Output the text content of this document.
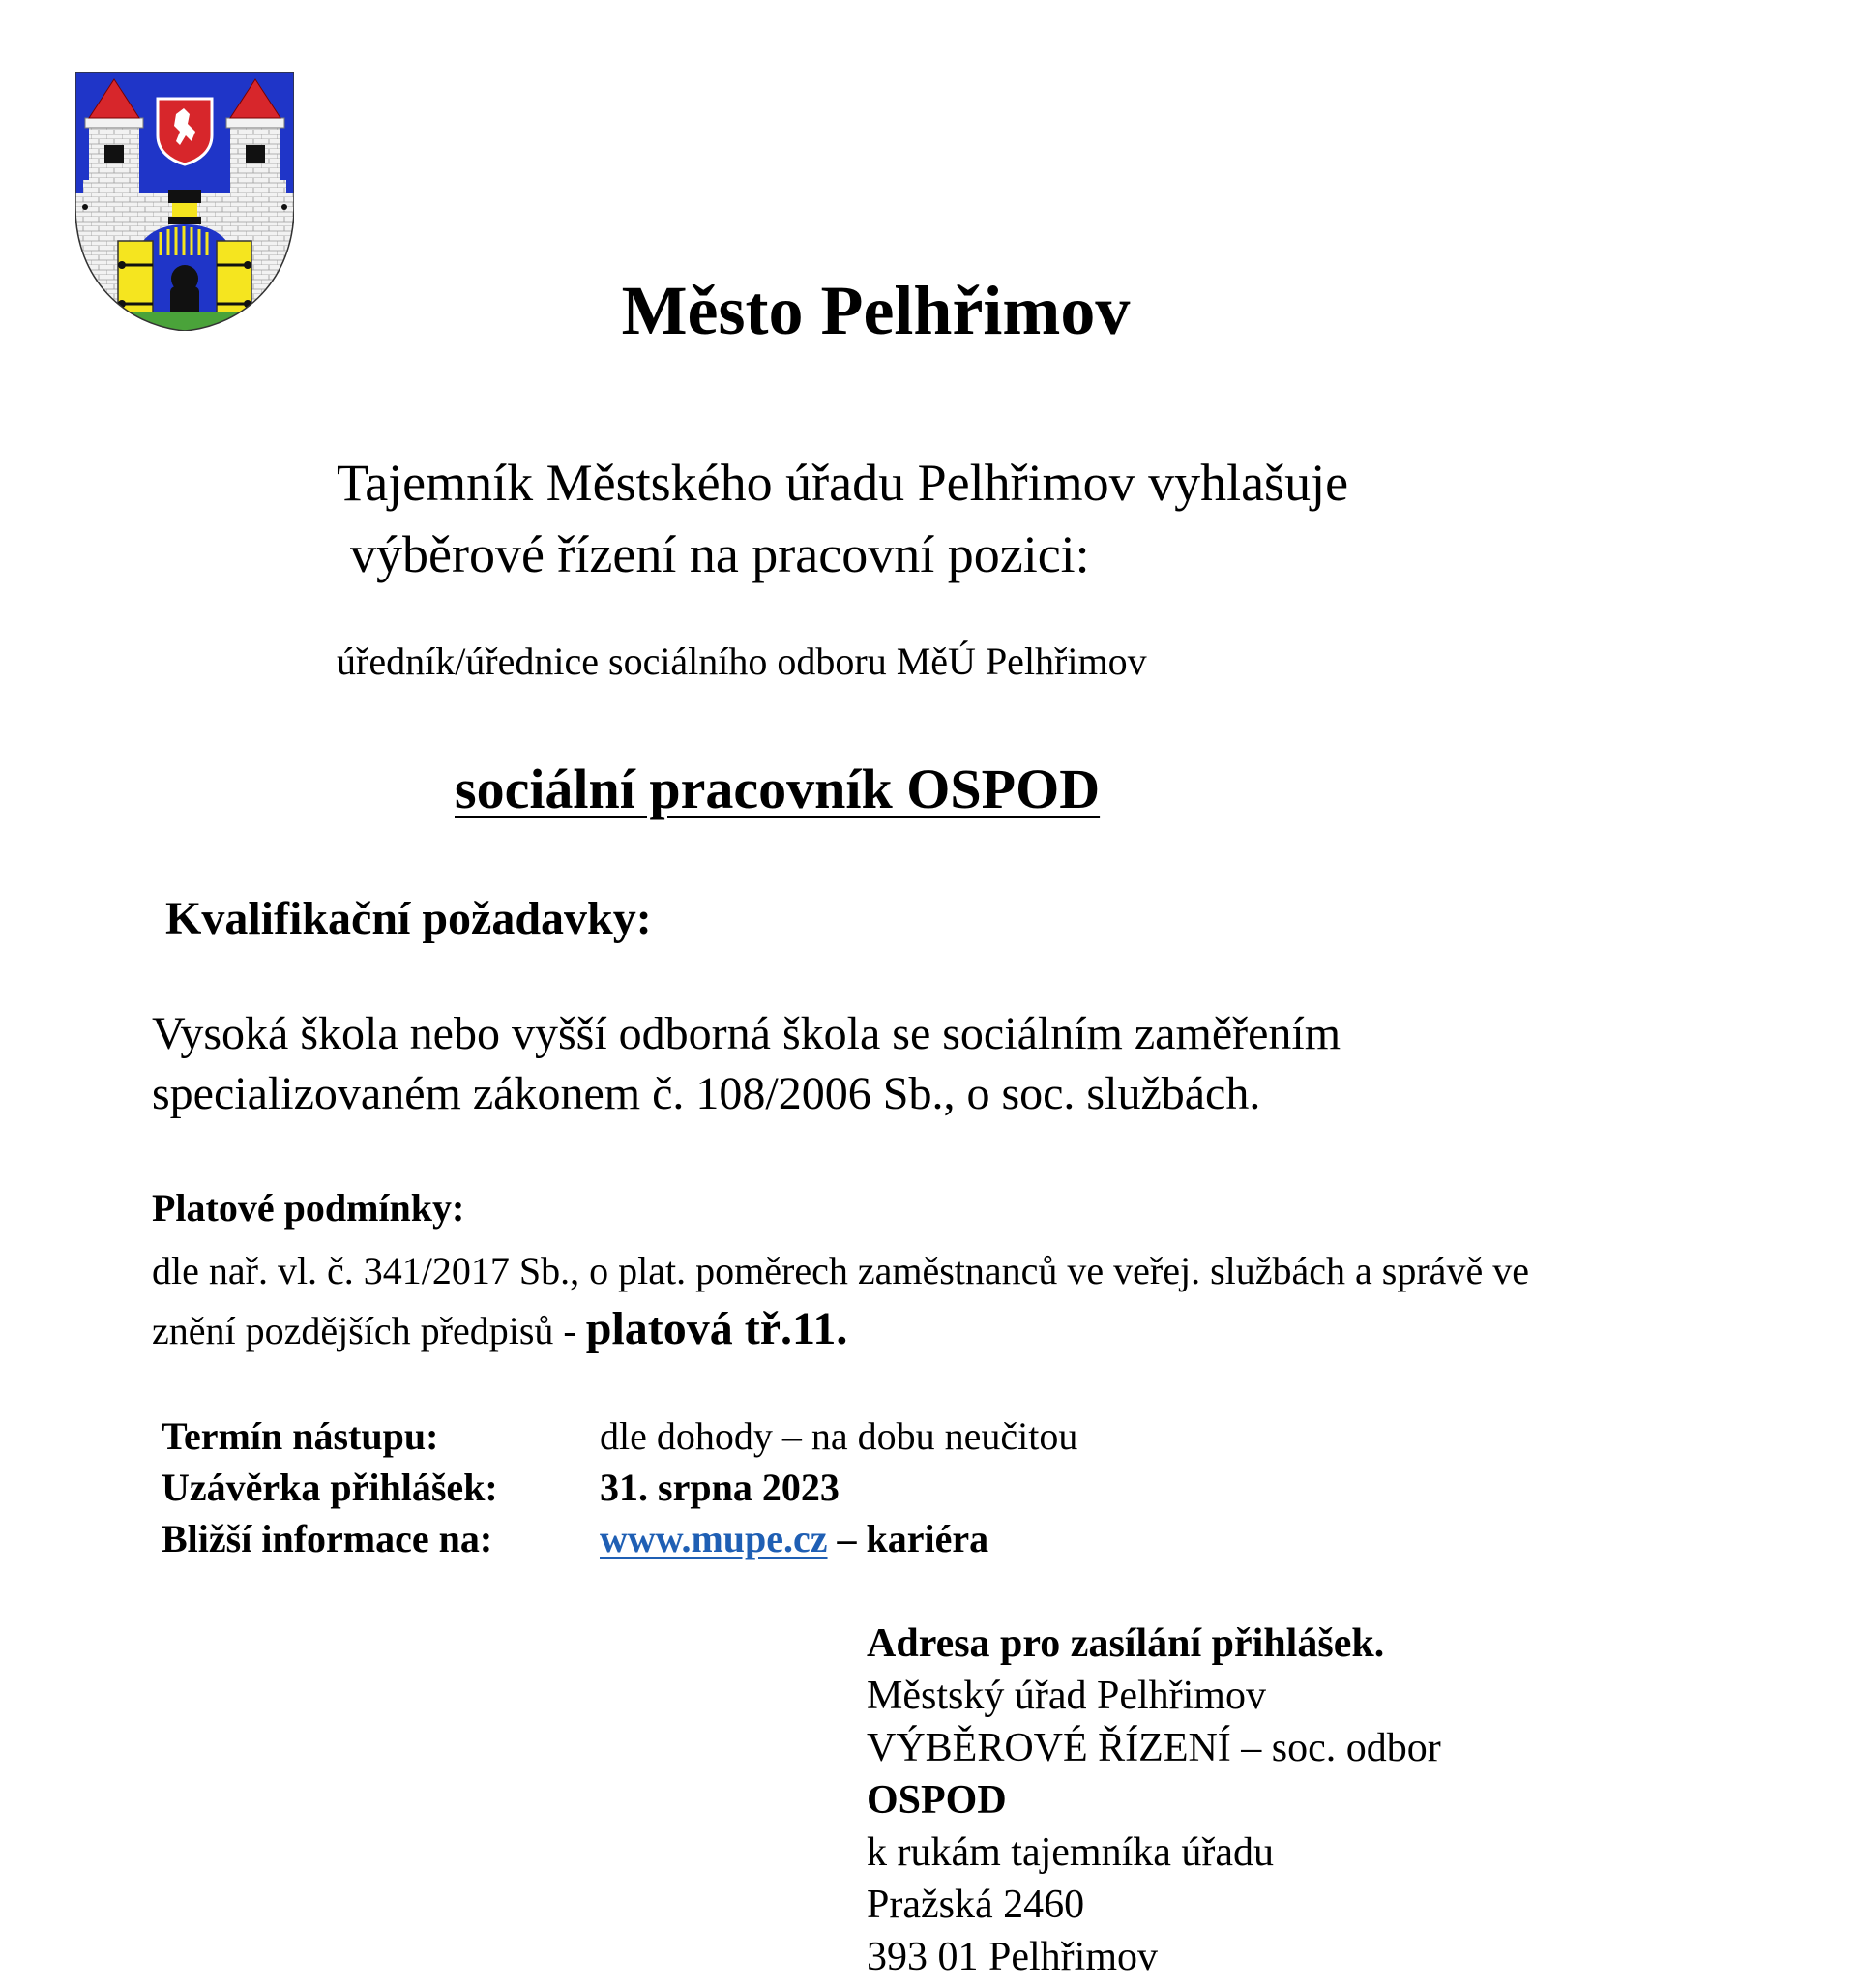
Město Pelhřimov
Tajemník Městského úřadu Pelhřimov vyhlašuje
výběrové řízení na pracovní pozici:
úředník/úřednice sociálního odboru MěÚ Pelhřimov
sociální pracovník OSPOD
Kvalifikační požadavky:
Vysoká škola nebo vyšší odborná škola se sociálním zaměřením
specializovaném zákonem č. 108/2006 Sb., o soc. službách.
Platové podmínky:
dle nař. vl. č. 341/2017 Sb., o plat. poměrech zaměstnanců ve veřej. službách a správě ve
znění pozdějších předpisů - platová tř.11.
Termín nástupu:	dle dohody – na dobu neučitou
Uzávěrka přihlášek:	31. srpna 2023
Bližší informace na:	www.mupe.cz – kariéra
Adresa pro zasílání přihlášek.
Městský úřad Pelhřimov
VÝBĚROVÉ ŘÍZENÍ – soc. odbor
OSPOD
k rukám tajemníka úřadu
Pražská 2460
393 01 Pelhřimov
